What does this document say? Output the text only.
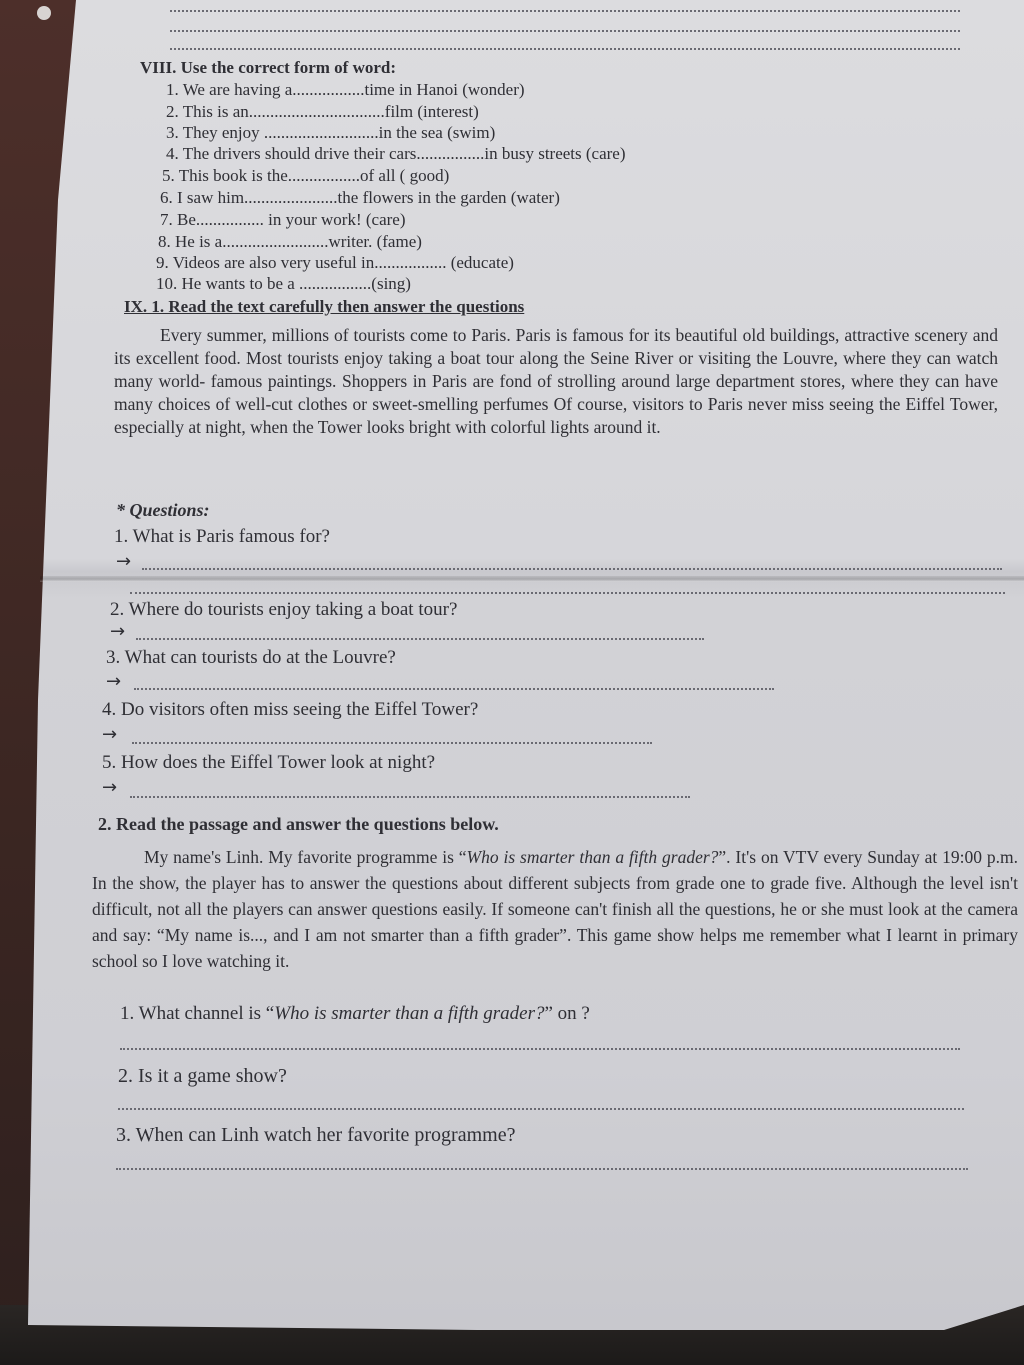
VIII. Use the correct form of word:
1. We are having a.................time in Hanoi (wonder)
2. This is an................................film (interest)
3. They enjoy ...........................in the sea (swim)
4. The drivers should drive their cars................in busy streets (care)
5. This book is the.................of all ( good)
6. I saw him......................the flowers in the garden (water)
7. Be................ in your work! (care)
8. He is a.........................writer. (fame)
9. Videos are also very useful in................. (educate)
10. He wants to be a .................(sing)
IX. 1. Read the text carefully then answer the questions
Every summer, millions of tourists come to Paris. Paris is famous for its beautiful old buildings, attractive scenery and its excellent food. Most tourists enjoy taking a boat tour along the Seine River or visiting the Louvre, where they can watch many world- famous paintings. Shoppers in Paris are fond of strolling around large department stores, where they can have many choices of well-cut clothes or sweet-smelling perfumes Of course, visitors to Paris never miss seeing the Eiffel Tower, especially at night, when the Tower looks bright with colorful lights around it.
* Questions:
1. What is Paris famous for?
→
2. Where do tourists enjoy taking a boat tour?
→
3. What can tourists do at the Louvre?
→
4. Do visitors often miss seeing the Eiffel Tower?
→
5. How does the Eiffel Tower look at night?
→
2. Read the passage and answer the questions below.
My name's Linh. My favorite programme is “Who is smarter than a fifth grader?”. It's on VTV every Sunday at 19:00 p.m. In the show, the player has to answer the questions about different subjects from grade one to grade five. Although the level isn't difficult, not all the players can answer questions easily. If someone can't finish all the questions, he or she must look at the camera and say: “My name is..., and I am not smarter than a fifth grader”. This game show helps me remember what I learnt in primary school so I love watching it.
1. What channel is “Who is smarter than a fifth grader?” on ?
2. Is it a game show?
3. When can Linh watch her favorite programme?
